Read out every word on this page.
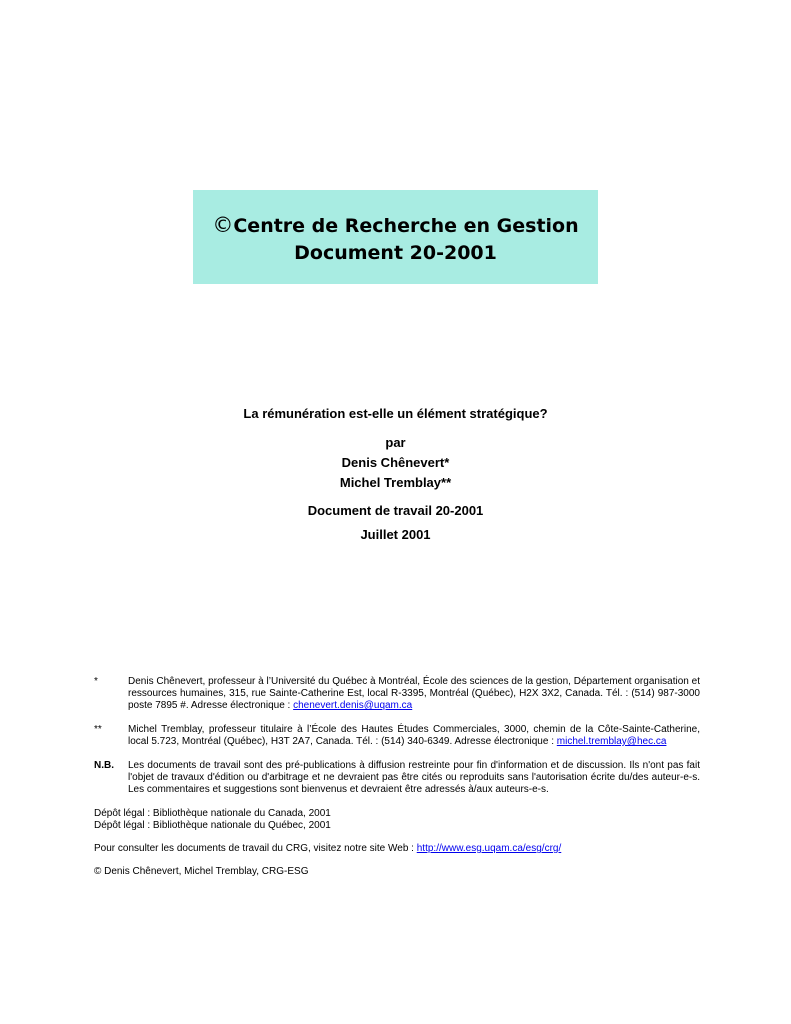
©Centre de Recherche en Gestion
Document 20-2001
La rémunération est-elle un élément stratégique?
par
Denis Chênevert*
Michel Tremblay**
Document de travail 20-2001
Juillet 2001
*	Denis Chênevert, professeur à l’Université du Québec à Montréal, École des sciences de la gestion, Département organisation et ressources humaines, 315, rue Sainte-Catherine Est, local R-3395, Montréal (Québec), H2X 3X2, Canada. Tél. : (514) 987-3000 poste 7895 #. Adresse électronique : chenevert.denis@uqam.ca
**	Michel Tremblay, professeur titulaire à l’École des Hautes Études Commerciales, 3000, chemin de la Côte-Sainte-Catherine, local 5.723, Montréal (Québec), H3T 2A7, Canada. Tél. : (514) 340-6349. Adresse électronique : michel.tremblay@hec.ca
N.B. Les documents de travail sont des pré-publications à diffusion restreinte pour fin d'information et de discussion. Ils n'ont pas fait l'objet de travaux d'édition ou d'arbitrage et ne devraient pas être cités ou reproduits sans l'autorisation écrite du/des auteur-e-s. Les commentaires et suggestions sont bienvenus et devraient être adressés à/aux auteurs-e-s.
Dépôt légal : Bibliothèque nationale du Canada, 2001
Dépôt légal : Bibliothèque nationale du Québec, 2001
Pour consulter les documents de travail du CRG, visitez notre site Web : http://www.esg.uqam.ca/esg/crg/
© Denis Chênevert, Michel Tremblay, CRG-ESG
